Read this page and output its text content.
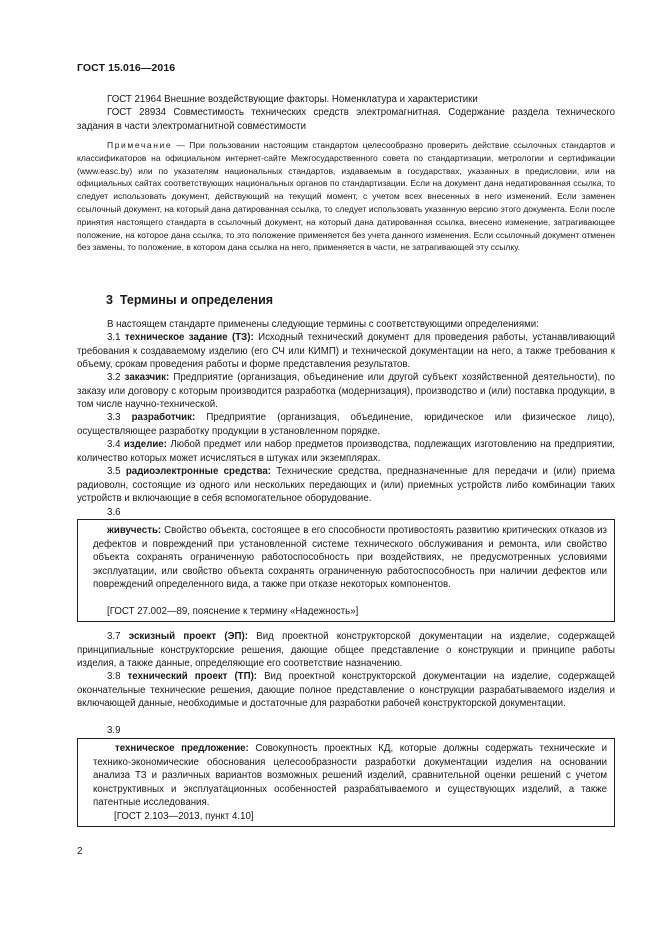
ГОСТ 15.016—2016
ГОСТ 21964 Внешние воздействующие факторы. Номенклатура и характеристики
ГОСТ 28934 Совместимость технических средств электромагнитная. Содержание раздела технического задания в части электромагнитной совместимости
Примечание — При пользовании настоящим стандартом целесообразно проверить действие ссылочных стандартов и классификаторов на официальном интернет-сайте Межгосударственного совета по стандартизации, метрологии и сертификации (www.easc.by) или по указателям национальных стандартов, издаваемым в государствах, указанных в предисловии, или на официальных сайтах соответствующих национальных органов по стандартизации. Если на документ дана недатированная ссылка, то следует использовать документ, действующий на текущий момент, с учетом всех внесенных в него изменений. Если заменен ссылочный документ, на который дана датированная ссылка, то следует использовать указанную версию этого документа. Если после принятия настоящего стандарта в ссылочный документ, на который дана датированная ссылка, внесено изменение, затрагивающее положение, на которое дана ссылка, то это положение применяется без учета данного изменения. Если ссылочный документ отменен без замены, то положение, в котором дана ссылка на него, применяется в части, не затрагивающей эту ссылку.
3 Термины и определения
В настоящем стандарте применены следующие термины с соответствующими определениями:
3.1 техническое задание (ТЗ): Исходный технический документ для проведения работы, устанавливающий требования к создаваемому изделию (его СЧ или КИМП) и технической документации на него, а также требования к объему, срокам проведения работы и форме представления результатов.
3.2 заказчик: Предприятие (организация, объединение или другой субъект хозяйственной деятельности), по заказу или договору с которым производится разработка (модернизация), производство и (или) поставка продукции, в том числе научно-технической.
3.3 разработчик: Предприятие (организация, объединение, юридическое или физическое лицо), осуществляющее разработку продукции в установленном порядке.
3.4 изделие: Любой предмет или набор предметов производства, подлежащих изготовлению на предприятии, количество которых может исчисляться в штуках или экземплярах.
3.5 радиоэлектронные средства: Технические средства, предназначенные для передачи и (или) приема радиоволн, состоящие из одного или нескольких передающих и (или) приемных устройств либо комбинации таких устройств и включающие в себя вспомогательное оборудование.
3.6
живучесть: Свойство объекта, состоящее в его способности противостоять развитию критических отказов из дефектов и повреждений при установленной системе технического обслуживания и ремонта, или свойство объекта сохранять ограниченную работоспособность при воздействиях, не предусмотренных условиями эксплуатации, или свойство объекта сохранять ограниченную работоспособность при наличии дефектов или повреждений определенного вида, а также при отказе некоторых компонентов.
[ГОСТ 27.002—89, пояснение к термину «Надежность»]
3.7 эскизный проект (ЭП): Вид проектной конструкторской документации на изделие, содержащей принципиальные конструкторские решения, дающие общее представление о конструкции и принципе работы изделия, а также данные, определяющие его соответствие назначению.
3.8 технический проект (ТП): Вид проектной конструкторской документации на изделие, содержащей окончательные технические решения, дающие полное представление о конструкции разрабатываемого изделия и включающей данные, необходимые и достаточные для разработки рабочей конструкторской документации.
3.9
техническое предложение: Совокупность проектных КД, которые должны содержать технические и технико-экономические обоснования целесообразности разработки документации изделия на основании анализа ТЗ и различных вариантов возможных решений изделий, сравнительной оценки решений с учетом конструктивных и эксплуатационных особенностей разрабатываемого и существующих изделий, а также патентные исследования.
[ГОСТ 2.103—2013, пункт 4.10]
2
